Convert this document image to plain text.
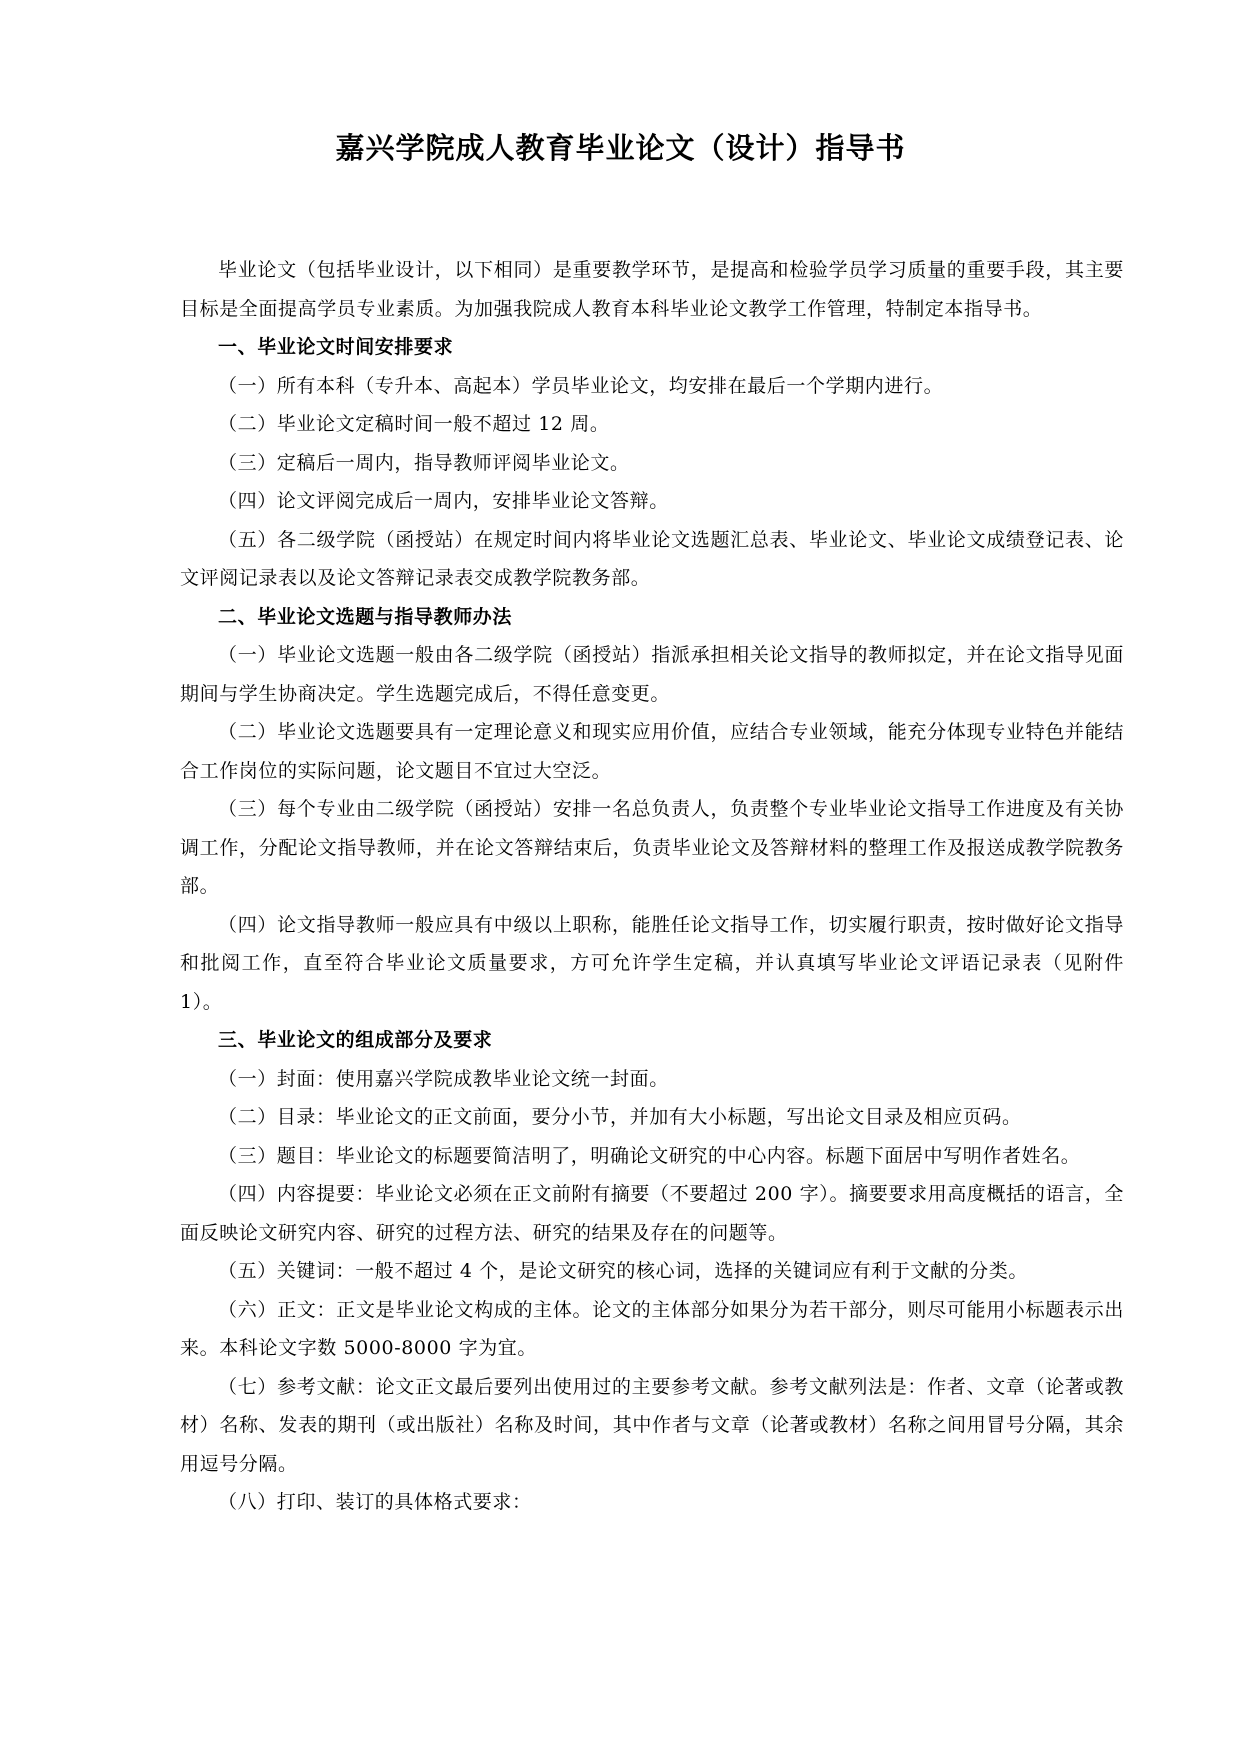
嘉兴学院成人教育毕业论文（设计）指导书

毕业论文（包括毕业设计，以下相同）是重要教学环节，是提高和检验学员学习质量的重要手段，其主要目标是全面提高学员专业素质。为加强我院成人教育本科毕业论文教学工作管理，特制定本指导书。

一、毕业论文时间安排要求

（一）所有本科（专升本、高起本）学员毕业论文，均安排在最后一个学期内进行。

（二）毕业论文定稿时间一般不超过 12 周。

（三）定稿后一周内，指导教师评阅毕业论文。

（四）论文评阅完成后一周内，安排毕业论文答辩。

（五）各二级学院（函授站）在规定时间内将毕业论文选题汇总表、毕业论文、毕业论文成绩登记表、论文评阅记录表以及论文答辩记录表交成教学院教务部。

二、毕业论文选题与指导教师办法

（一）毕业论文选题一般由各二级学院（函授站）指派承担相关论文指导的教师拟定，并在论文指导见面期间与学生协商决定。学生选题完成后，不得任意变更。

（二）毕业论文选题要具有一定理论意义和现实应用价值，应结合专业领域，能充分体现专业特色并能结合工作岗位的实际问题，论文题目不宜过大空泛。

（三）每个专业由二级学院（函授站）安排一名总负责人，负责整个专业毕业论文指导工作进度及有关协调工作，分配论文指导教师，并在论文答辩结束后，负责毕业论文及答辩材料的整理工作及报送成教学院教务部。

（四）论文指导教师一般应具有中级以上职称，能胜任论文指导工作，切实履行职责，按时做好论文指导和批阅工作，直至符合毕业论文质量要求，方可允许学生定稿，并认真填写毕业论文评语记录表（见附件 1）。

三、毕业论文的组成部分及要求

（一）封面：使用嘉兴学院成教毕业论文统一封面。

（二）目录：毕业论文的正文前面，要分小节，并加有大小标题，写出论文目录及相应页码。

（三）题目：毕业论文的标题要简洁明了，明确论文研究的中心内容。标题下面居中写明作者姓名。

（四）内容提要：毕业论文必须在正文前附有摘要（不要超过 200 字）。摘要要求用高度概括的语言，全面反映论文研究内容、研究的过程方法、研究的结果及存在的问题等。

（五）关键词：一般不超过 4 个，是论文研究的核心词，选择的关键词应有利于文献的分类。

（六）正文：正文是毕业论文构成的主体。论文的主体部分如果分为若干部分，则尽可能用小标题表示出来。本科论文字数 5000-8000 字为宜。

（七）参考文献：论文正文最后要列出使用过的主要参考文献。参考文献列法是：作者、文章（论著或教材）名称、发表的期刊（或出版社）名称及时间，其中作者与文章（论著或教材）名称之间用冒号分隔，其余用逗号分隔。

（八）打印、装订的具体格式要求：
